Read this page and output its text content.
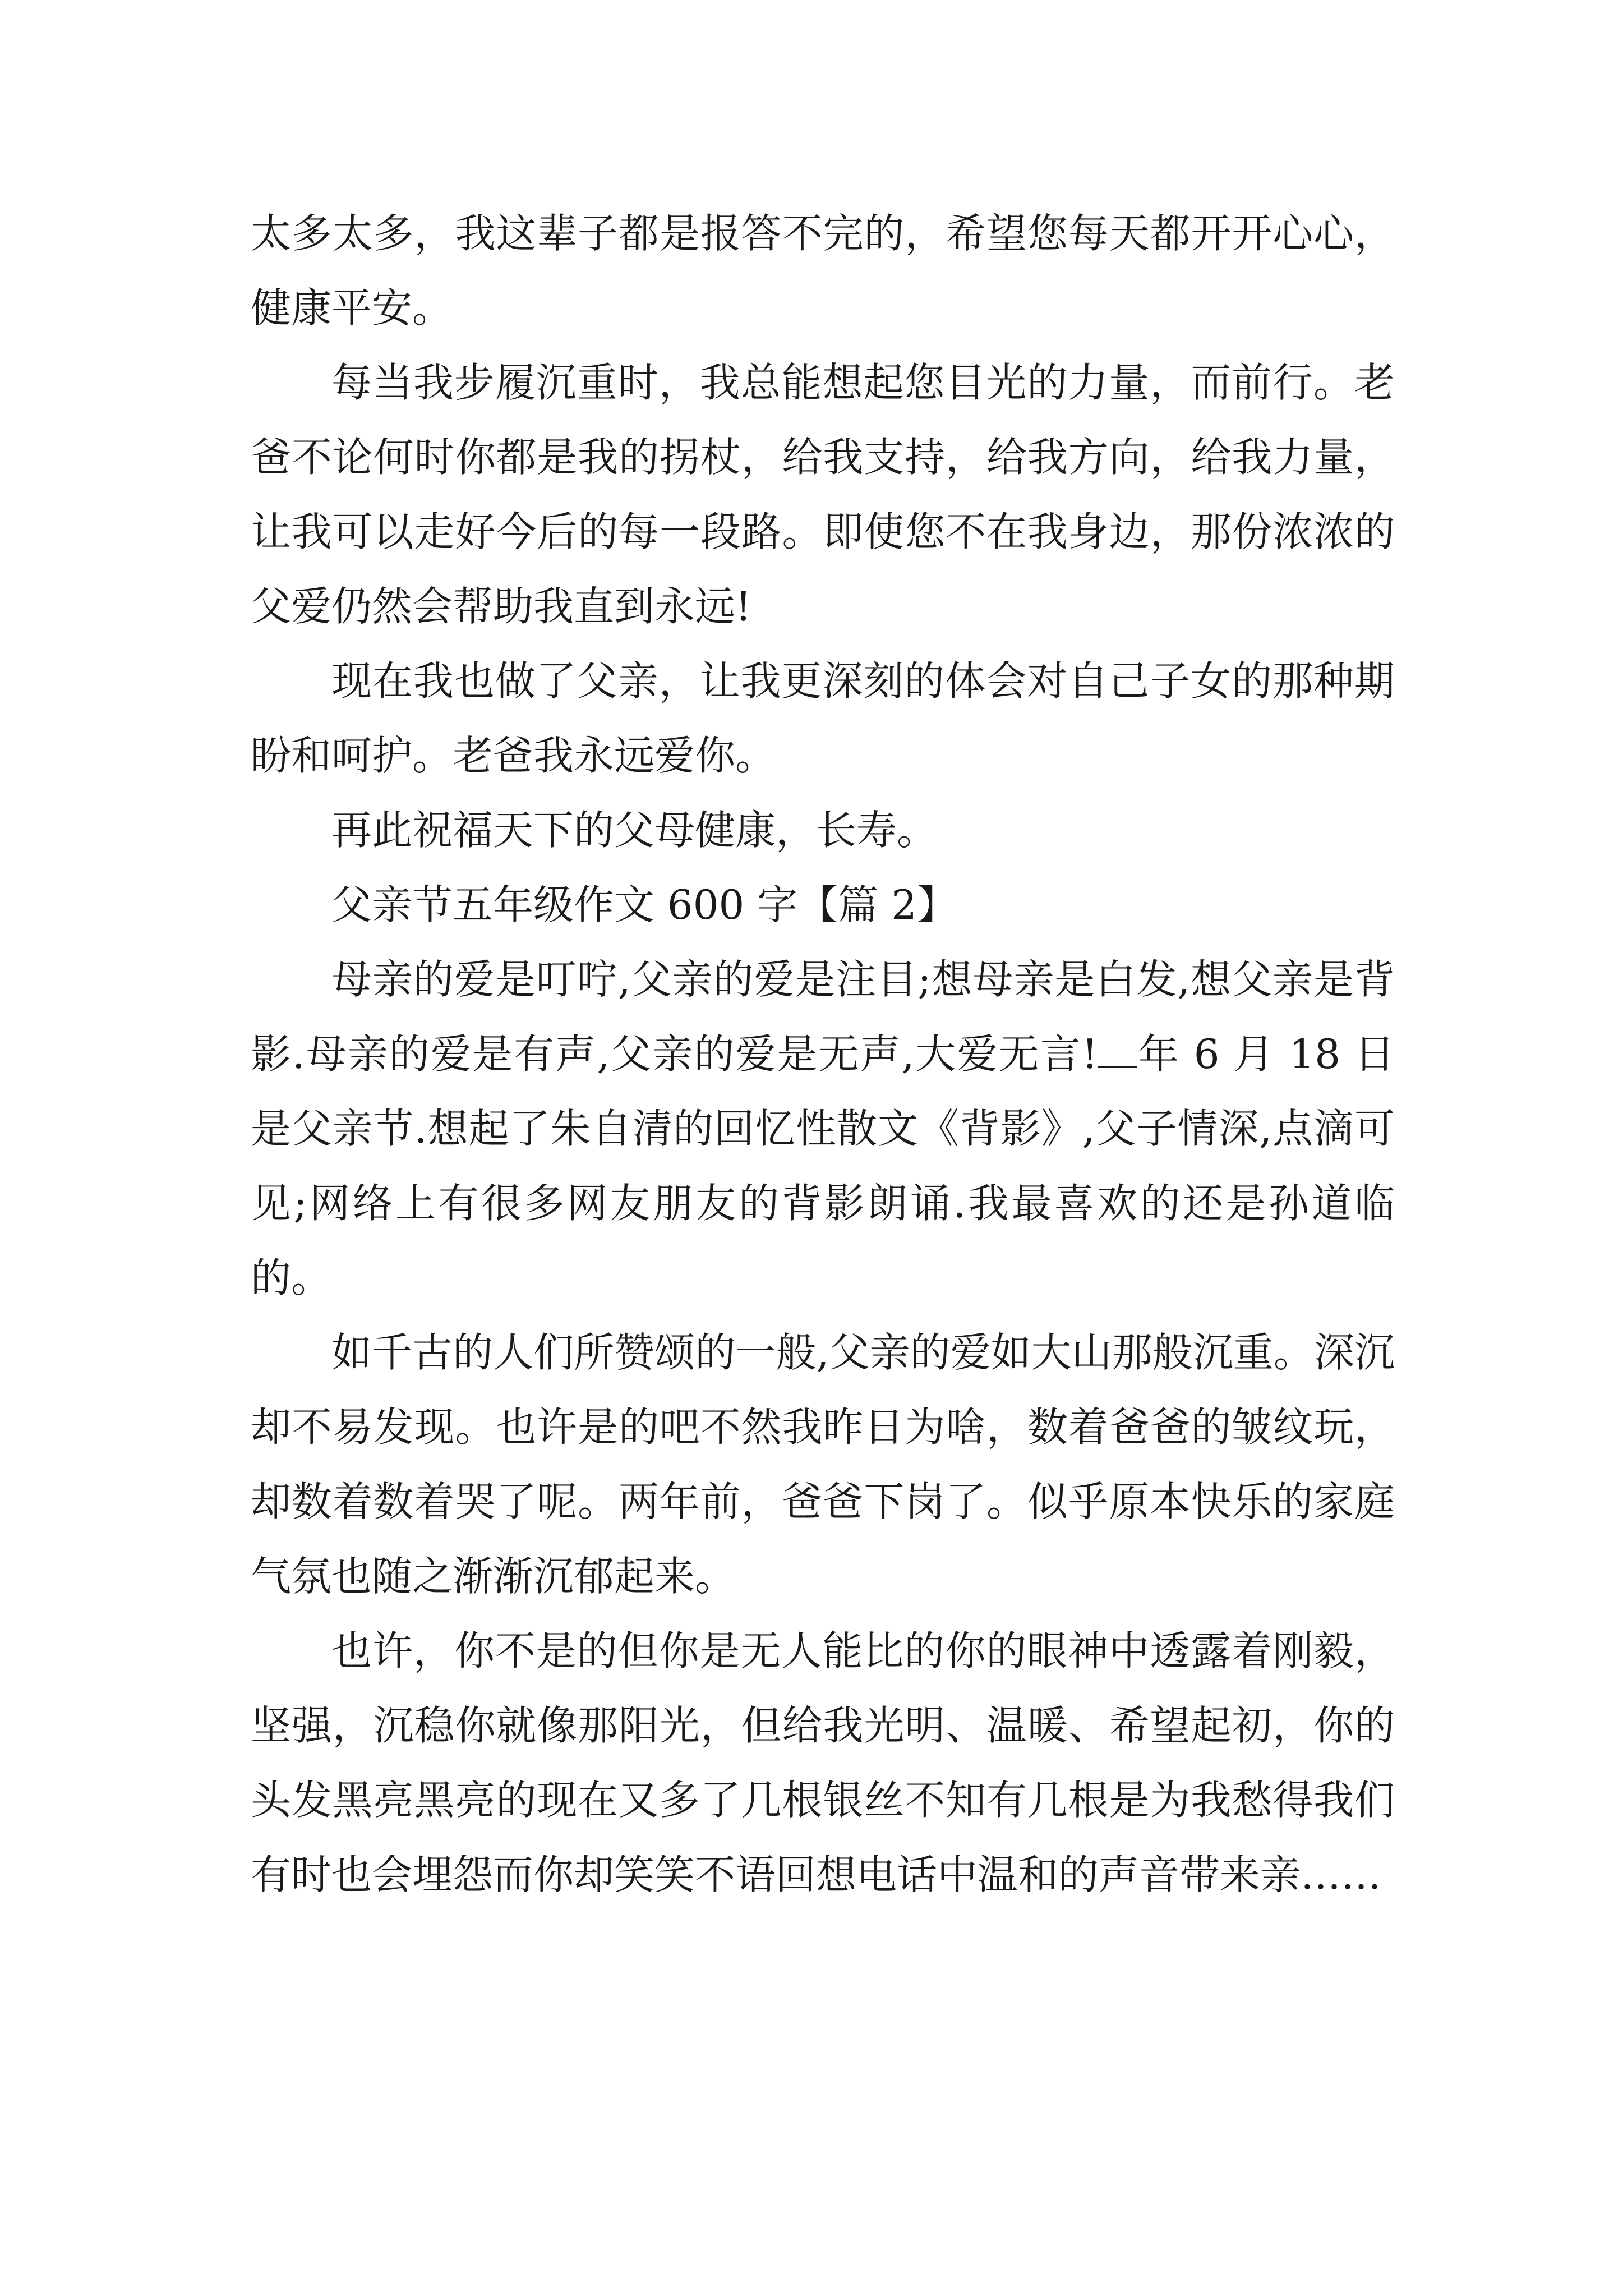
太多太多，我这辈子都是报答不完的，希望您每天都开开心心，健康平安。

每当我步履沉重时，我总能想起您目光的力量，而前行。老爸不论何时你都是我的拐杖，给我支持，给我方向，给我力量，让我可以走好今后的每一段路。即使您不在我身边，那份浓浓的父爱仍然会帮助我直到永远!

现在我也做了父亲，让我更深刻的体会对自己子女的那种期盼和呵护。老爸我永远爱你。

再此祝福天下的父母健康，长寿。

父亲节五年级作文 600 字【篇 2】

母亲的爱是叮咛,父亲的爱是注目;想母亲是白发,想父亲是背影.母亲的爱是有声,父亲的爱是无声,大爱无言! 年 6 月 18 日是父亲节.想起了朱自清的回忆性散文《背影》,父子情深,点滴可见;网络上有很多网友朋友的背影朗诵.我最喜欢的还是孙道临的。

如千古的人们所赞颂的一般,父亲的爱如大山那般沉重。深沉却不易发现。也许是的吧不然我昨日为啥，数着爸爸的皱纹玩，却数着数着哭了呢。两年前，爸爸下岗了。似乎原本快乐的家庭气氛也随之渐渐沉郁起来。

也许，你不是的但你是无人能比的你的眼神中透露着刚毅，坚强，沉稳你就像那阳光，但给我光明、温暖、希望起初，你的头发黑亮黑亮的现在又多了几根银丝不知有几根是为我愁得我们有时也会埋怨而你却笑笑不语回想电话中温和的声音带来亲……
